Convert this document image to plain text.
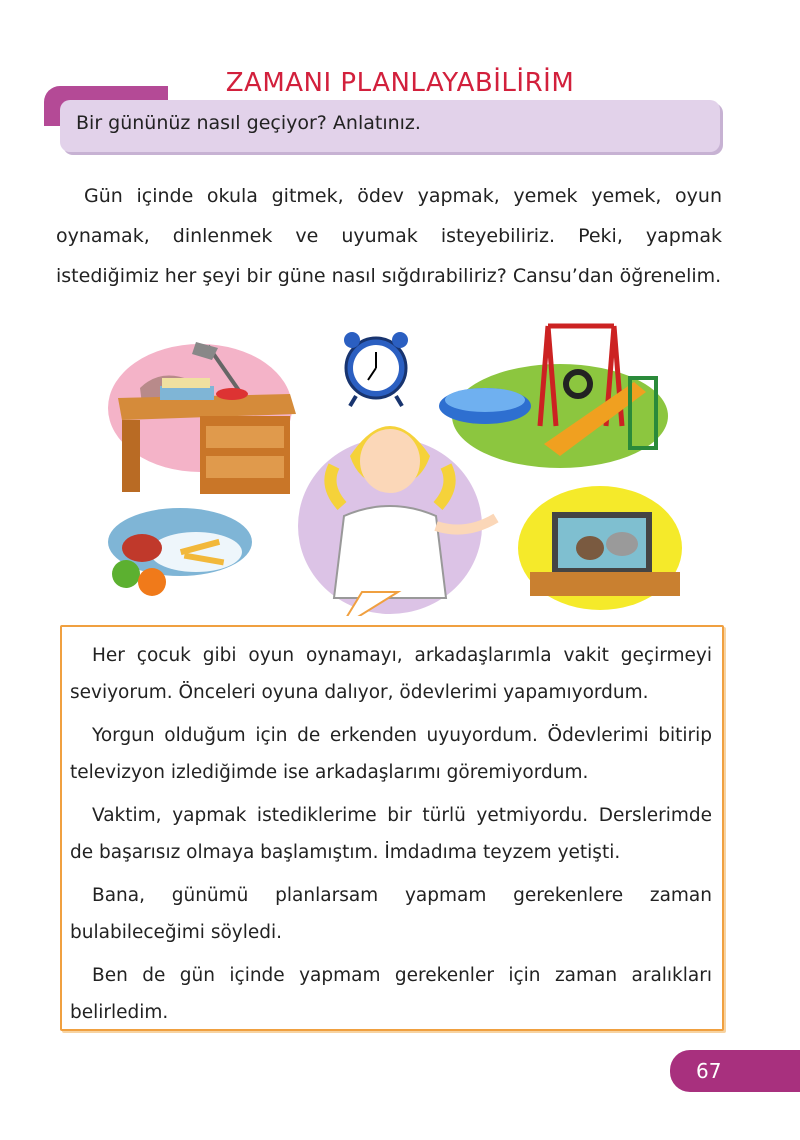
ZAMANI PLANLAYABİLİRİM
Bir gününüz nasıl geçiyor? Anlatınız.

Gün içinde okula gitmek, ödev yapmak, yemek yemek, oyun oynamak, dinlenmek ve uyumak isteyebiliriz. Peki, yapmak istediğimiz her şeyi bir güne nasıl sığdırabiliriz? Cansu’dan öğrenelim.

Her çocuk gibi oyun oynamayı, arkadaşlarımla vakit geçirmeyi seviyorum. Önceleri oyuna dalıyor, ödevlerimi yapamıyordum.

Yorgun olduğum için de erkenden uyuyordum. Ödevlerimi bitirip televizyon izlediğimde ise arkadaşlarımı göremiyordum.

Vaktim, yapmak istediklerime bir türlü yetmiyordu. Derslerimde de başarısız olmaya başlamıştım. İmdadıma teyzem yetişti.

Bana, günümü planlarsam yapmam gerekenlere zaman bulabileceğimi söyledi.

Ben de gün içinde yapmam gerekenler için zaman aralıkları belirledim.

67
